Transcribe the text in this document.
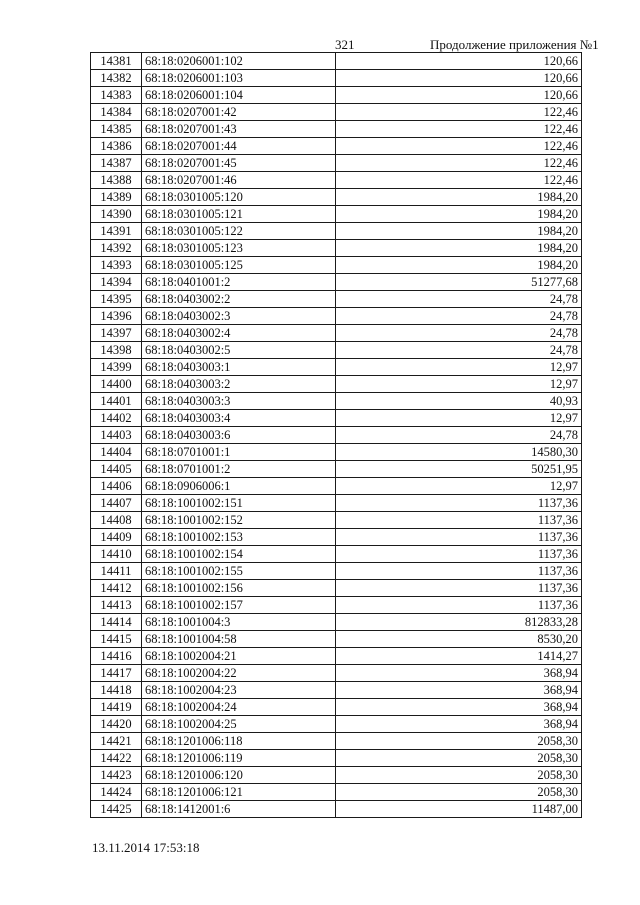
321	Продолжение приложения №1
14381	68:18:0206001:102	120,66
14382	68:18:0206001:103	120,66
14383	68:18:0206001:104	120,66
14384	68:18:0207001:42	122,46
14385	68:18:0207001:43	122,46
14386	68:18:0207001:44	122,46
14387	68:18:0207001:45	122,46
14388	68:18:0207001:46	122,46
14389	68:18:0301005:120	1984,20
14390	68:18:0301005:121	1984,20
14391	68:18:0301005:122	1984,20
14392	68:18:0301005:123	1984,20
14393	68:18:0301005:125	1984,20
14394	68:18:0401001:2	51277,68
14395	68:18:0403002:2	24,78
14396	68:18:0403002:3	24,78
14397	68:18:0403002:4	24,78
14398	68:18:0403002:5	24,78
14399	68:18:0403003:1	12,97
14400	68:18:0403003:2	12,97
14401	68:18:0403003:3	40,93
14402	68:18:0403003:4	12,97
14403	68:18:0403003:6	24,78
14404	68:18:0701001:1	14580,30
14405	68:18:0701001:2	50251,95
14406	68:18:0906006:1	12,97
14407	68:18:1001002:151	1137,36
14408	68:18:1001002:152	1137,36
14409	68:18:1001002:153	1137,36
14410	68:18:1001002:154	1137,36
14411	68:18:1001002:155	1137,36
14412	68:18:1001002:156	1137,36
14413	68:18:1001002:157	1137,36
14414	68:18:1001004:3	812833,28
14415	68:18:1001004:58	8530,20
14416	68:18:1002004:21	1414,27
14417	68:18:1002004:22	368,94
14418	68:18:1002004:23	368,94
14419	68:18:1002004:24	368,94
14420	68:18:1002004:25	368,94
14421	68:18:1201006:118	2058,30
14422	68:18:1201006:119	2058,30
14423	68:18:1201006:120	2058,30
14424	68:18:1201006:121	2058,30
14425	68:18:1412001:6	11487,00
13.11.2014 17:53:18
